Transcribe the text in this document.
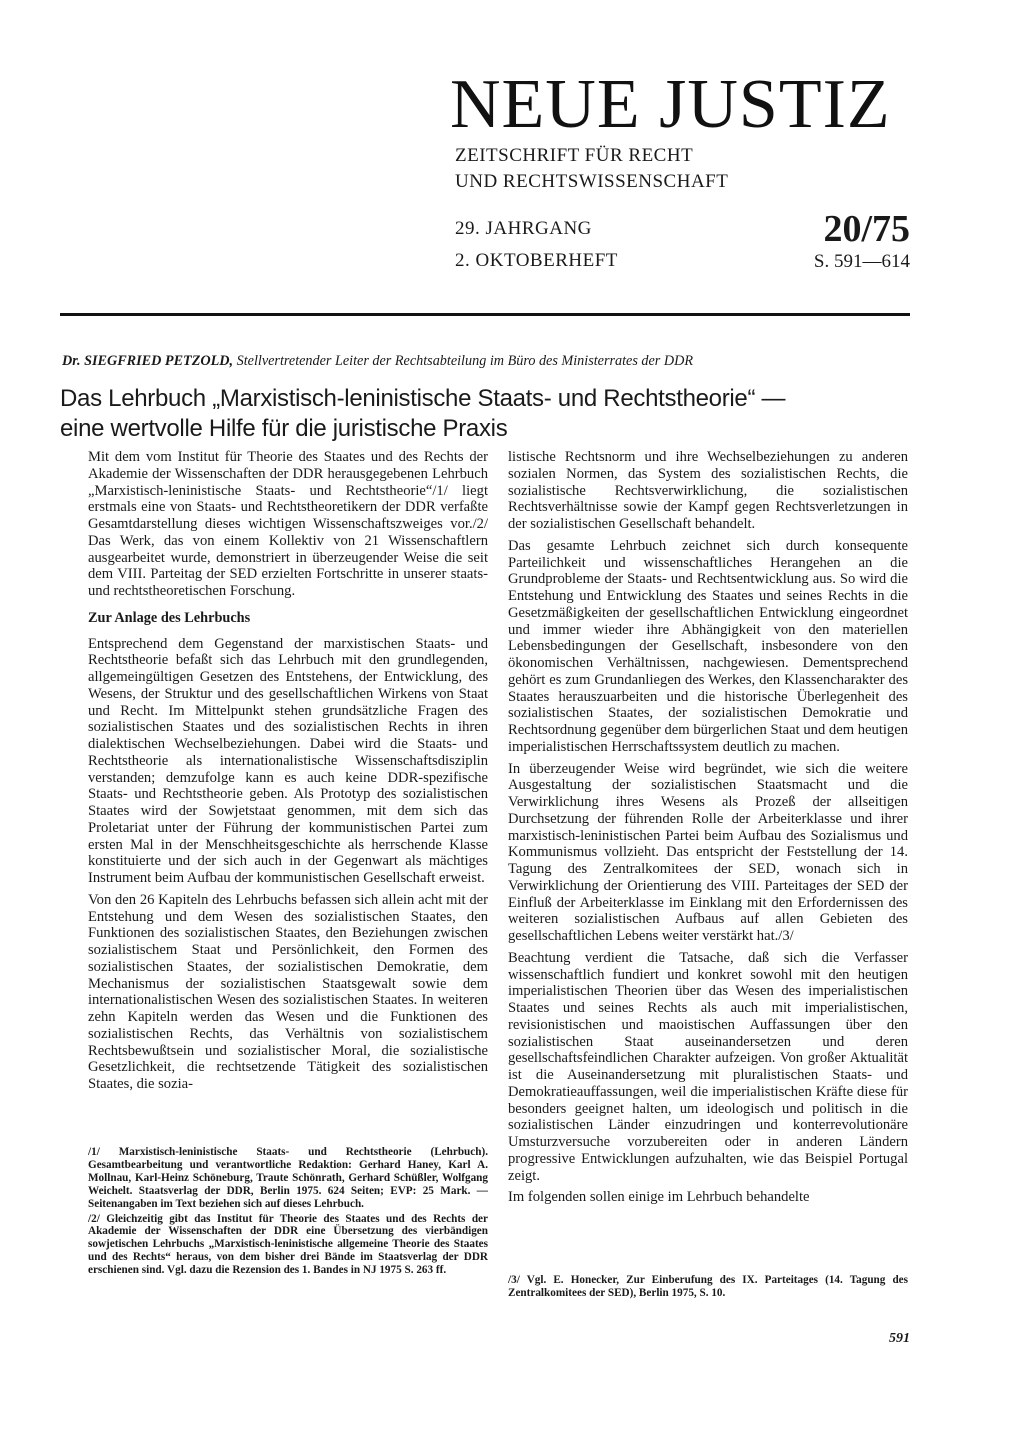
NEUE JUSTIZ
ZEITSCHRIFT FÜR RECHT
UND RECHTSWISSENSCHAFT
29. JAHRGANG
2. OKTOBERHEFT
20/75
S. 591—614
Dr. SIEGFRIED PETZOLD, Stellvertretender Leiter der Rechtsabteilung im Büro des Ministerrates der DDR
Das Lehrbuch „Marxistisch-leninistische Staats- und Rechtstheorie“ —
eine wertvolle Hilfe für die juristische Praxis

Mit dem vom Institut für Theorie des Staates und des Rechts der Akademie der Wissenschaften der DDR herausgegebenen Lehrbuch „Marxistisch-leninistische Staats- und Rechtstheorie“/1/ liegt erstmals eine von Staats- und Rechtstheoretikern der DDR verfaßte Gesamtdarstellung dieses wichtigen Wissenschaftszweiges vor./2/ Das Werk, das von einem Kollektiv von 21 Wissenschaftlern ausgearbeitet wurde, demonstriert in überzeugender Weise die seit dem VIII. Parteitag der SED erzielten Fortschritte in unserer staats- und rechtstheoretischen Forschung.

Zur Anlage des Lehrbuchs

Entsprechend dem Gegenstand der marxistischen Staats- und Rechtstheorie befaßt sich das Lehrbuch mit den grundlegenden, allgemeingültigen Gesetzen des Entstehens, der Entwicklung, des Wesens, der Struktur und des gesellschaftlichen Wirkens von Staat und Recht. Im Mittelpunkt stehen grundsätzliche Fragen des sozialistischen Staates und des sozialistischen Rechts in ihren dialektischen Wechselbeziehungen. Dabei wird die Staats- und Rechtstheorie als internationalistische Wissenschaftsdisziplin verstanden; demzufolge kann es auch keine DDR-spezifische Staats- und Rechtstheorie geben. Als Prototyp des sozialistischen Staates wird der Sowjetstaat genommen, mit dem sich das Proletariat unter der Führung der kommunistischen Partei zum ersten Mal in der Menschheitsgeschichte als herrschende Klasse konstituierte und der sich auch in der Gegenwart als mächtiges Instrument beim Aufbau der kommunistischen Gesellschaft erweist.

Von den 26 Kapiteln des Lehrbuchs befassen sich allein acht mit der Entstehung und dem Wesen des sozialistischen Staates, den Funktionen des sozialistischen Staates, den Beziehungen zwischen sozialistischem Staat und Persönlichkeit, den Formen des sozialistischen Staates, der sozialistischen Demokratie, dem Mechanismus der sozialistischen Staatsgewalt sowie dem internationalistischen Wesen des sozialistischen Staates. In weiteren zehn Kapiteln werden das Wesen und die Funktionen des sozialistischen Rechts, das Verhältnis von sozialistischem Rechtsbewußtsein und sozialistischer Moral, die sozialistische Gesetzlichkeit, die rechtsetzende Tätigkeit des sozialistischen Staates, die sozia-

/1/ Marxistisch-leninistische Staats- und Rechtstheorie (Lehrbuch). Gesamtbearbeitung und verantwortliche Redaktion: Gerhard Haney, Karl A. Mollnau, Karl-Heinz Schöneburg, Traute Schönrath, Gerhard Schüßler, Wolfgang Weichelt. Staatsverlag der DDR, Berlin 1975. 624 Seiten; EVP: 25 Mark. — Seitenangaben im Text beziehen sich auf dieses Lehrbuch.

/2/ Gleichzeitig gibt das Institut für Theorie des Staates und des Rechts der Akademie der Wissenschaften der DDR eine Übersetzung des vierbändigen sowjetischen Lehrbuchs „Marxistisch-leninistische allgemeine Theorie des Staates und des Rechts“ heraus, von dem bisher drei Bände im Staatsverlag der DDR erschienen sind. Vgl. dazu die Rezension des 1. Bandes in NJ 1975 S. 263 ff.

listische Rechtsnorm und ihre Wechselbeziehungen zu anderen sozialen Normen, das System des sozialistischen Rechts, die sozialistische Rechtsverwirklichung, die sozialistischen Rechtsverhältnisse sowie der Kampf gegen Rechtsverletzungen in der sozialistischen Gesellschaft behandelt.

Das gesamte Lehrbuch zeichnet sich durch konsequente Parteilichkeit und wissenschaftliches Herangehen an die Grundprobleme der Staats- und Rechtsentwicklung aus. So wird die Entstehung und Entwicklung des Staates und seines Rechts in die Gesetzmäßigkeiten der gesellschaftlichen Entwicklung eingeordnet und immer wieder ihre Abhängigkeit von den materiellen Lebensbedingungen der Gesellschaft, insbesondere von den ökonomischen Verhältnissen, nachgewiesen. Dementsprechend gehört es zum Grundanliegen des Werkes, den Klassencharakter des Staates herauszuarbeiten und die historische Überlegenheit des sozialistischen Staates, der sozialistischen Demokratie und Rechtsordnung gegenüber dem bürgerlichen Staat und dem heutigen imperialistischen Herrschaftssystem deutlich zu machen.

In überzeugender Weise wird begründet, wie sich die weitere Ausgestaltung der sozialistischen Staatsmacht und die Verwirklichung ihres Wesens als Prozeß der allseitigen Durchsetzung der führenden Rolle der Arbeiterklasse und ihrer marxistisch-leninistischen Partei beim Aufbau des Sozialismus und Kommunismus vollzieht. Das entspricht der Feststellung der 14. Tagung des Zentralkomitees der SED, wonach sich in Verwirklichung der Orientierung des VIII. Parteitages der SED der Einfluß der Arbeiterklasse im Einklang mit den Erfordernissen des weiteren sozialistischen Aufbaus auf allen Gebieten des gesellschaftlichen Lebens weiter verstärkt hat./3/

Beachtung verdient die Tatsache, daß sich die Verfasser wissenschaftlich fundiert und konkret sowohl mit den heutigen imperialistischen Theorien über das Wesen des imperialistischen Staates und seines Rechts als auch mit imperialistischen, revisionistischen und maoistischen Auffassungen über den sozialistischen Staat auseinandersetzen und deren gesellschaftsfeindlichen Charakter aufzeigen. Von großer Aktualität ist die Auseinandersetzung mit pluralistischen Staats- und Demokratieauffassungen, weil die imperialistischen Kräfte diese für besonders geeignet halten, um ideologisch und politisch in die sozialistischen Länder einzudringen und konterrevolutionäre Umsturzversuche vorzubereiten oder in anderen Ländern progressive Entwicklungen aufzuhalten, wie das Beispiel Portugal zeigt.

Im folgenden sollen einige im Lehrbuch behandelte

/3/ Vgl. E. Honecker, Zur Einberufung des IX. Parteitages (14. Tagung des Zentralkomitees der SED), Berlin 1975, S. 10.

591
